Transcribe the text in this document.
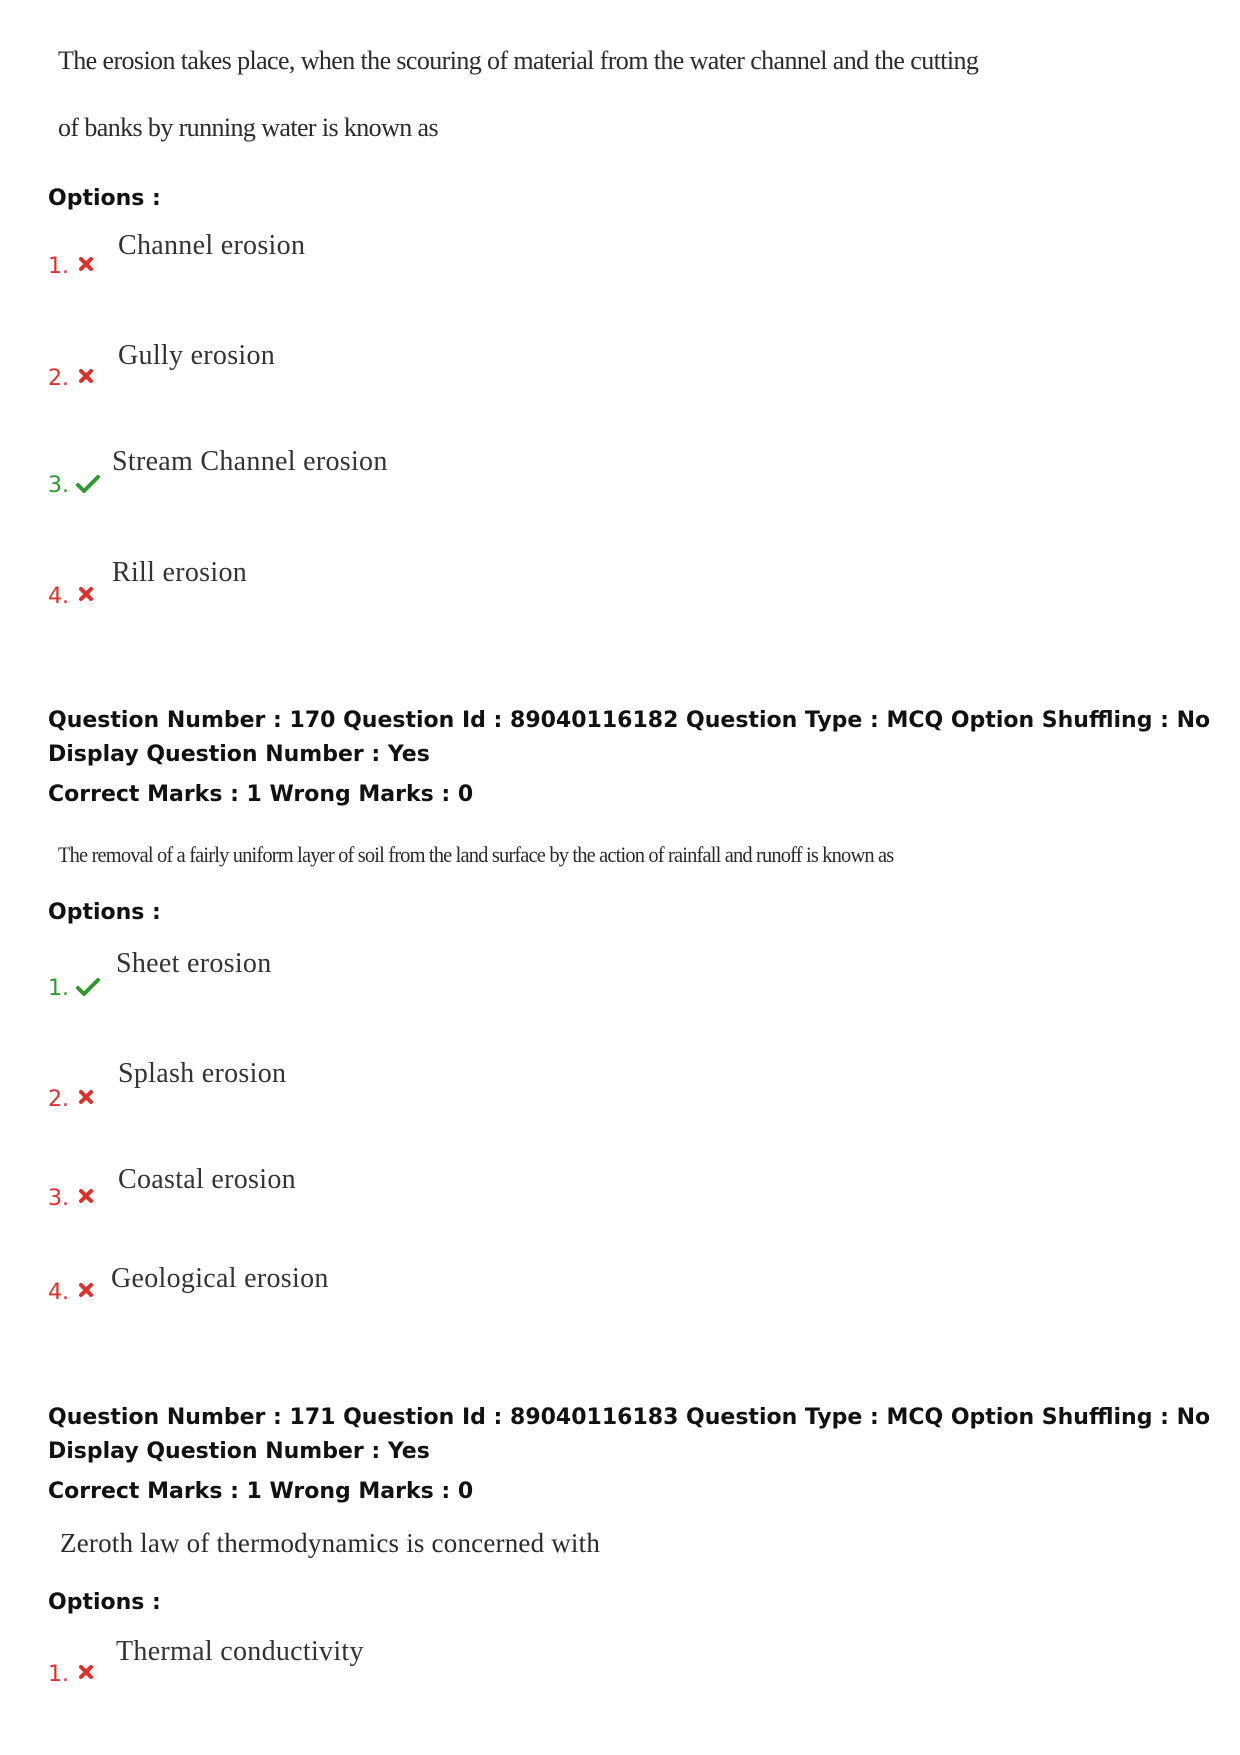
The erosion takes place, when the scouring of material from the water channel and the cutting
of banks by running water is known as
Options :
1.
Channel erosion
2.
Gully erosion
3.
Stream Channel erosion
4.
Rill erosion
Question Number : 170 Question Id : 89040116182 Question Type : MCQ Option Shuffling : No
Display Question Number : Yes
Correct Marks : 1 Wrong Marks : 0
The removal of a fairly uniform layer of soil from the land surface by the action of rainfall and runoff is known as
Options :
1.
Sheet erosion
2.
Splash erosion
3.
Coastal erosion
4. Geological erosion
Question Number : 171 Question Id : 89040116183 Question Type : MCQ Option Shuffling : No
Display Question Number : Yes
Correct Marks : 1 Wrong Marks : 0
Zeroth law of thermodynamics is concerned with
Options :
1.
Thermal conductivity
